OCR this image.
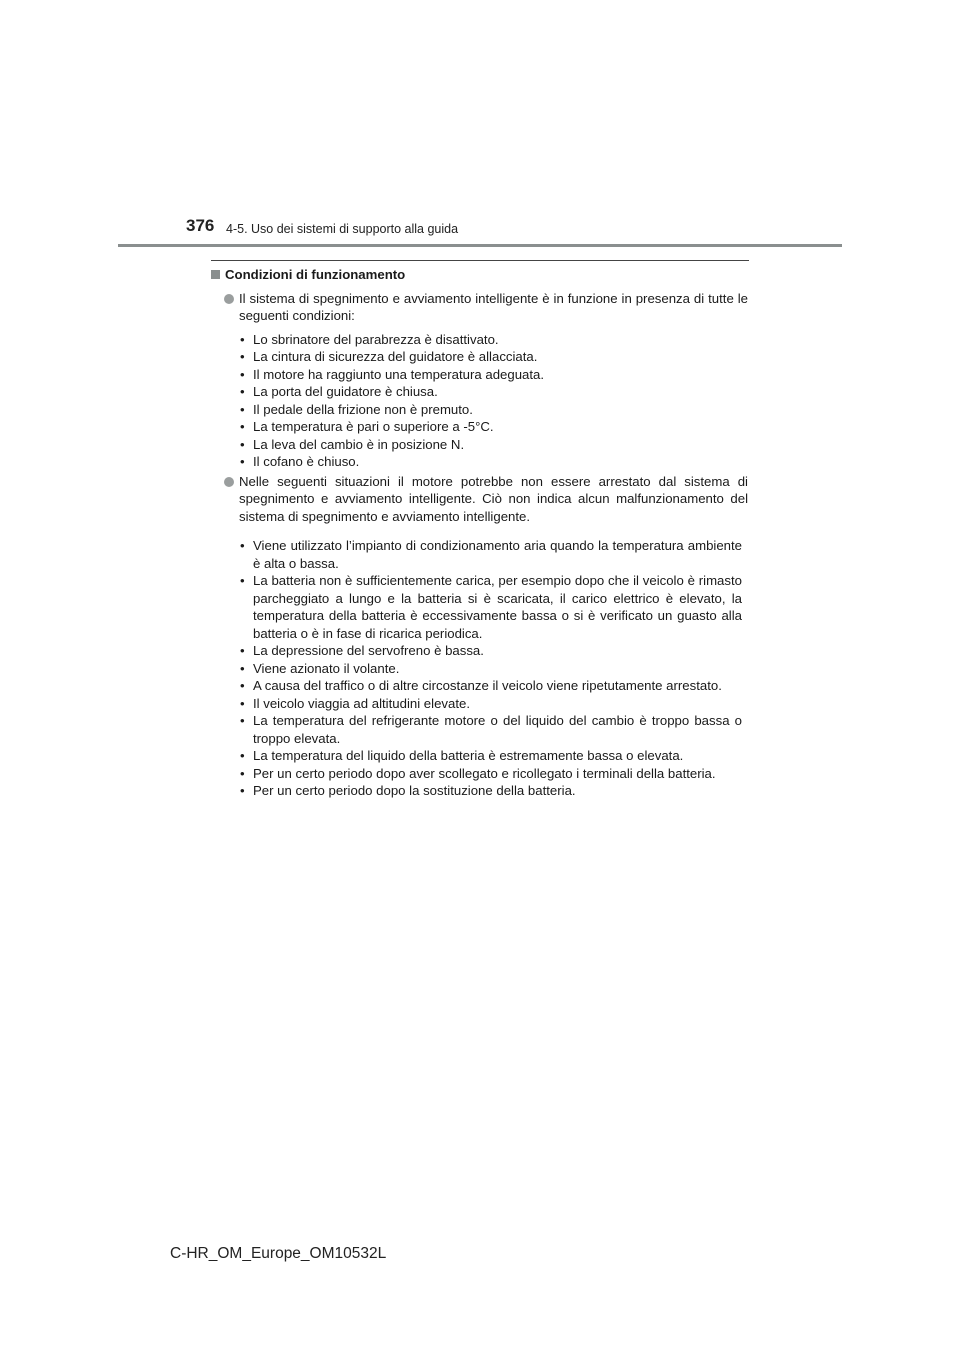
376 4-5. Uso dei sistemi di supporto alla guida
Condizioni di funzionamento

Il sistema di spegnimento e avviamento intelligente è in funzione in presenza di tutte le seguenti condizioni:

• Lo sbrinatore del parabrezza è disattivato.
• La cintura di sicurezza del guidatore è allacciata.
• Il motore ha raggiunto una temperatura adeguata.
• La porta del guidatore è chiusa.
• Il pedale della frizione non è premuto.
• La temperatura è pari o superiore a -5°C.
• La leva del cambio è in posizione N.
• Il cofano è chiuso.

Nelle seguenti situazioni il motore potrebbe non essere arrestato dal sistema di spegnimento e avviamento intelligente. Ciò non indica alcun malfunzionamento del sistema di spegnimento e avviamento intelligente.

• Viene utilizzato l’impianto di condizionamento aria quando la temperatura ambiente è alta o bassa.
• La batteria non è sufficientemente carica, per esempio dopo che il veicolo è rimasto parcheggiato a lungo e la batteria si è scaricata, il carico elettrico è elevato, la temperatura della batteria è eccessivamente bassa o si è verificato un guasto alla batteria o è in fase di ricarica periodica.
• La depressione del servofreno è bassa.
• Viene azionato il volante.
• A causa del traffico o di altre circostanze il veicolo viene ripetutamente arrestato.
• Il veicolo viaggia ad altitudini elevate.
• La temperatura del refrigerante motore o del liquido del cambio è troppo bassa o troppo elevata.
• La temperatura del liquido della batteria è estremamente bassa o elevata.
• Per un certo periodo dopo aver scollegato e ricollegato i terminali della batteria.
• Per un certo periodo dopo la sostituzione della batteria.
C-HR_OM_Europe_OM10532L
